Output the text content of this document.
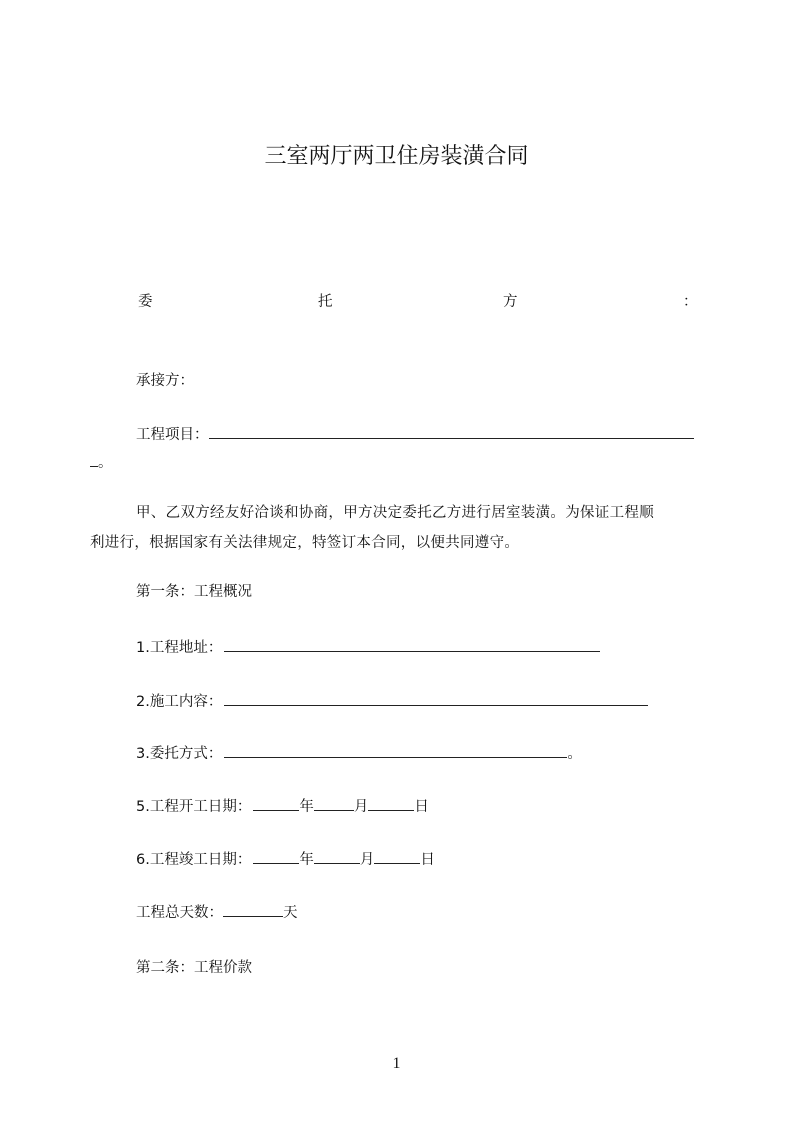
三室两厅两卫住房装潢合同
委	托	方	：
承接方：
工程项目：
。
甲、乙双方经友好洽谈和协商，甲方决定委托乙方进行居室装潢。为保证工程顺
利进行，根据国家有关法律规定，特签订本合同，以便共同遵守。
第一条：工程概况
1.工程地址：
2.施工内容：
3.委托方式：	。
5.工程开工日期：	年	月	日
6.工程竣工日期：	年	月	日
工程总天数：	天
第二条：工程价款
1
